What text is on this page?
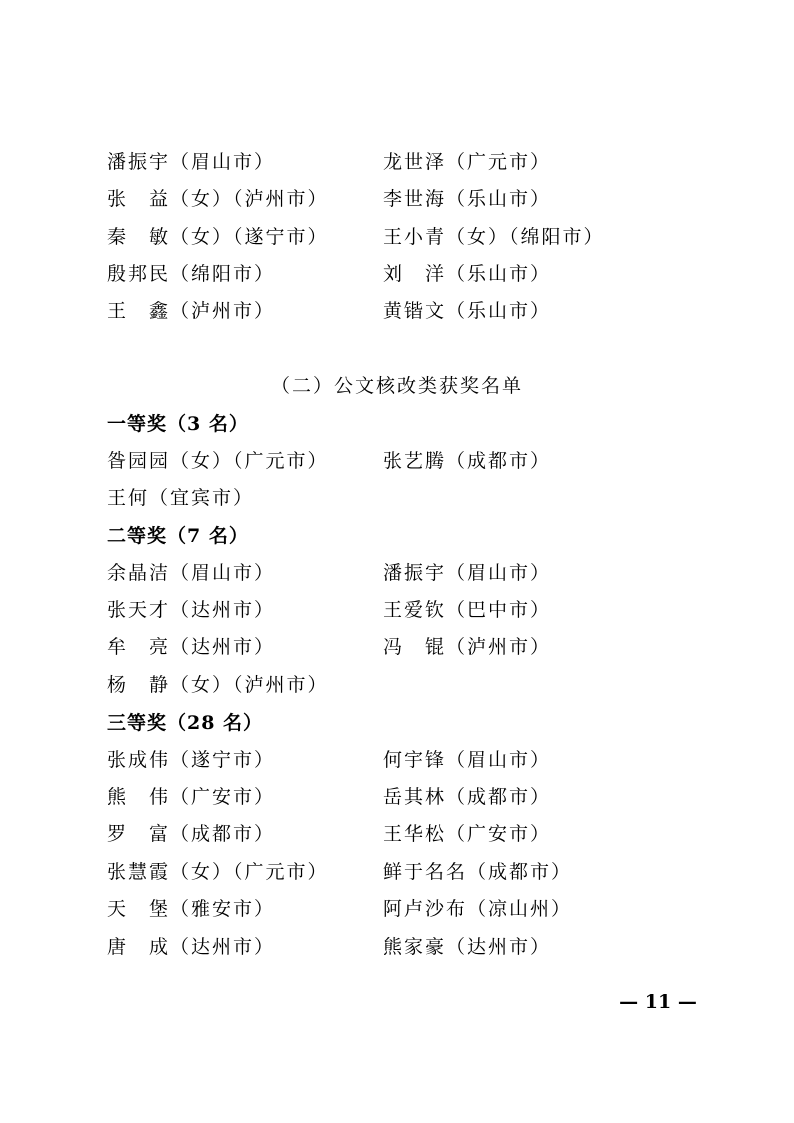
潘振宇（眉山市）	龙世泽（广元市）
张　益（女）（泸州市）	李世海（乐山市）
秦　敏（女）（遂宁市）	王小青（女）（绵阳市）
殷邦民（绵阳市）	刘　洋（乐山市）
王　鑫（泸州市）	黄锴文（乐山市）
（二）公文核改类获奖名单
一等奖（3 名）
昝园园（女）（广元市）	张艺腾（成都市）
王何（宜宾市）
二等奖（7 名）
余晶洁（眉山市）	潘振宇（眉山市）
张天才（达州市）	王爱钦（巴中市）
牟　亮（达州市）	冯　锟（泸州市）
杨　静（女）（泸州市）
三等奖（28 名）
张成伟（遂宁市）	何宇锋（眉山市）
熊　伟（广安市）	岳其林（成都市）
罗　富（成都市）	王华松（广安市）
张慧霞（女）（广元市）	鲜于名名（成都市）
天　堡（雅安市）	阿卢沙布（凉山州）
唐　成（达州市）	熊家豪（达州市）
— 11 —
